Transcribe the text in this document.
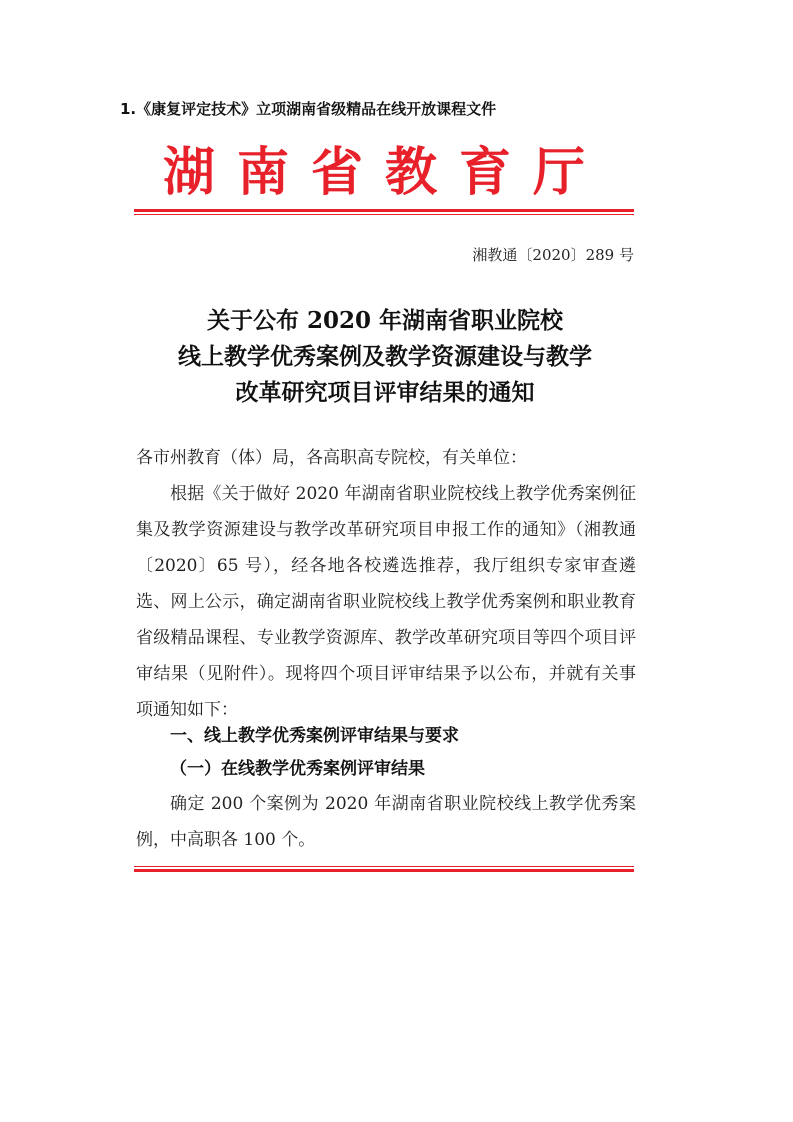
1.《康复评定技术》立项湖南省级精品在线开放课程文件
湖南省教育厅
湘教通〔2020〕289 号
关于公布 2020 年湖南省职业院校
线上教学优秀案例及教学资源建设与教学
改革研究项目评审结果的通知
各市州教育（体）局，各高职高专院校，有关单位：
根据《关于做好 2020 年湖南省职业院校线上教学优秀案例征集及教学资源建设与教学改革研究项目申报工作的通知》（湘教通〔2020〕65 号），经各地各校遴选推荐，我厅组织专家审查遴选、网上公示，确定湖南省职业院校线上教学优秀案例和职业教育省级精品课程、专业教学资源库、教学改革研究项目等四个项目评审结果（见附件）。现将四个项目评审结果予以公布，并就有关事项通知如下：
一、线上教学优秀案例评审结果与要求
（一）在线教学优秀案例评审结果
确定 200 个案例为 2020 年湖南省职业院校线上教学优秀案例，中高职各 100 个。
